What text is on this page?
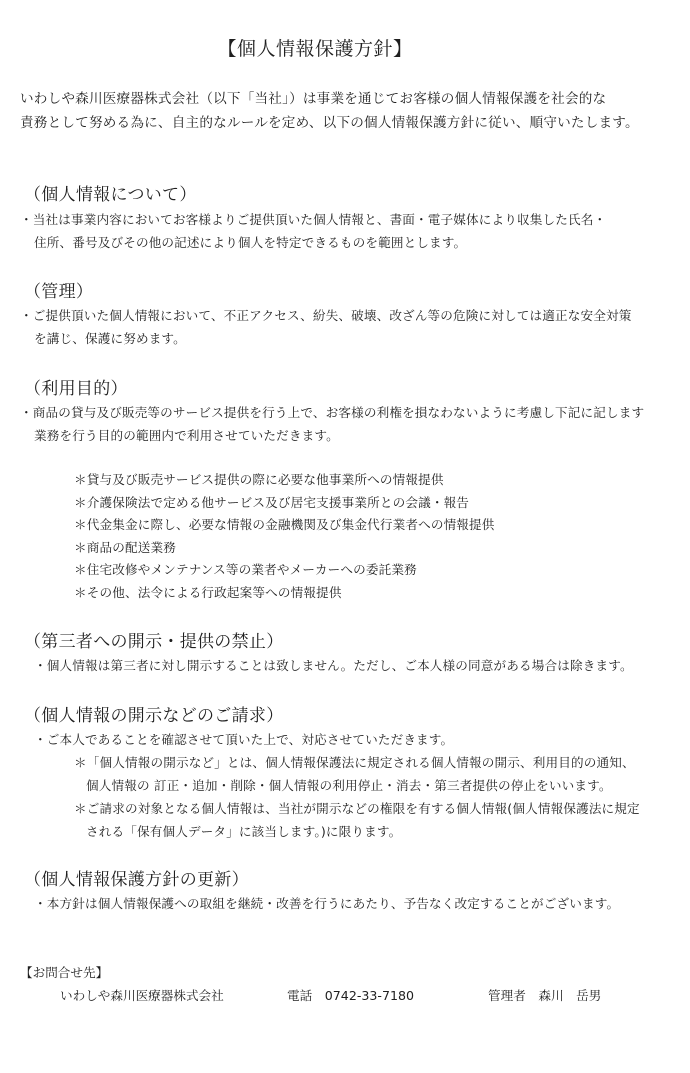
【個人情報保護方針】
いわしや森川医療器株式会社（以下「当社」）は事業を通じてお客様の個人情報保護を社会的な
責務として努める為に、自主的なルールを定め、以下の個人情報保護方針に従い、順守いたします。
（個人情報について）
・当社は事業内容においてお客様よりご提供頂いた個人情報と、書面・電子媒体により収集した氏名・
住所、番号及びその他の記述により個人を特定できるものを範囲とします。
（管理）
・ご提供頂いた個人情報において、不正アクセス、紛失、破壊、改ざん等の危険に対しては適正な安全対策
を講じ、保護に努めます。
（利用目的）
・商品の貸与及び販売等のサービス提供を行う上で、お客様の利権を損なわないように考慮し下記に記します
業務を行う目的の範囲内で利用させていただきます。
＊貸与及び販売サービス提供の際に必要な他事業所への情報提供
＊介護保険法で定める他サービス及び居宅支援事業所との会議・報告
＊代金集金に際し、必要な情報の金融機関及び集金代行業者への情報提供
＊商品の配送業務
＊住宅改修やメンテナンス等の業者やメーカーへの委託業務
＊その他、法令による行政起案等への情報提供
（第三者への開示・提供の禁止）
・個人情報は第三者に対し開示することは致しません。ただし、ご本人様の同意がある場合は除きます。
（個人情報の開示などのご請求）
・ご本人であることを確認させて頂いた上で、対応させていただきます。
＊「個人情報の開示など」とは、個人情報保護法に規定される個人情報の開示、利用目的の通知、
個人情報の 訂正・追加・削除・個人情報の利用停止・消去・第三者提供の停止をいいます。
＊ご請求の対象となる個人情報は、当社が開示などの権限を有する個人情報(個人情報保護法に規定
される「保有個人データ」に該当します。)に限ります。
（個人情報保護方針の更新）
・本方針は個人情報保護への取組を継続・改善を行うにあたり、予告なく改定することがございます。
【お問合せ先】
いわしや森川医療器株式会社	電話　0742-33-7180	管理者　森川　岳男
